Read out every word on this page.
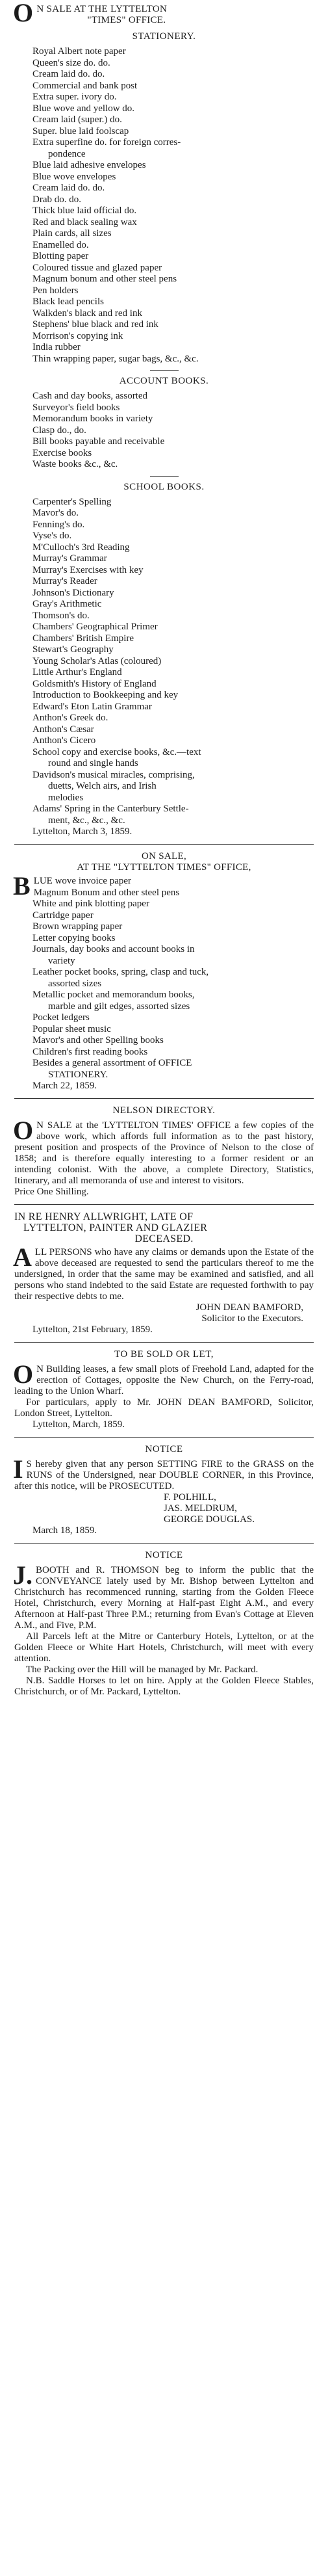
O N SALE AT THE LYTTELTON
"TIMES" OFFICE.
STATIONERY.
Royal Albert note paper
Queen's size do. do.
Cream laid do. do.
Commercial and bank post
Extra super. ivory do.
Blue wove and yellow do.
Cream laid (super.) do.
Super. blue laid foolscap
Extra superfine do. for foreign corres-
pondence
Blue laid adhesive envelopes
Blue wove envelopes
Cream laid do. do.
Drab do. do.
Thick blue laid official do.
Red and black sealing wax
Plain cards, all sizes
Enamelled do.
Blotting paper
Coloured tissue and glazed paper
Magnum bonum and other steel pens
Pen holders
Black lead pencils
Walkden's black and red ink
Stephens' blue black and red ink
Morrison's copying ink
India rubber
Thin wrapping paper, sugar bags, &c., &c.
ACCOUNT BOOKS.
Cash and day books, assorted
Surveyor's field books
Memorandum books in variety
Clasp do., do.
Bill books payable and receivable
Exercise books
Waste books &c., &c.
SCHOOL BOOKS.
Carpenter's Spelling
Mavor's do.
Fenning's do.
Vyse's do.
M'Culloch's 3rd Reading
Murray's Grammar
Murray's Exercises with key
Murray's Reader
Johnson's Dictionary
Gray's Arithmetic
Thomson's do.
Chambers' Geographical Primer
Chambers' British Empire
Stewart's Geography
Young Scholar's Atlas (coloured)
Little Arthur's England
Goldsmith's History of England
Introduction to Bookkeeping and key
Edward's Eton Latin Grammar
Anthon's Greek do.
Anthon's Cæsar
Anthon's Cicero
School copy and exercise books, &c.—text
round and single hands
Davidson's musical miracles, comprising,
duetts, Welch airs, and Irish
melodies
Adams' Spring in the Canterbury Settle-
ment, &c., &c., &c.
Lyttelton, March 3, 1859.
ON SALE,
AT THE "LYTTELTON TIMES" OFFICE,
B LUE wove invoice paper
Magnum Bonum and other steel pens
White and pink blotting paper
Cartridge paper
Brown wrapping paper
Letter copying books
Journals, day books and account books in
variety
Leather pocket books, spring, clasp and tuck,
assorted sizes
Metallic pocket and memorandum books,
marble and gilt edges, assorted sizes
Pocket ledgers
Popular sheet music
Mavor's and other Spelling books
Children's first reading books
Besides a general assortment of OFFICE
STATIONERY.
March 22, 1859.
NELSON DIRECTORY.
O N SALE at the 'LYTTELTON TIMES' OFFICE a few copies of the above work, which affords full information as to the past history, present position and prospects of the Province of Nelson to the close of 1858; and is therefore equally interesting to a former resident or an intending colonist. With the above, a complete Directory, Statistics, Itinerary, and all memoranda of use and interest to visitors.
Price One Shilling.
IN RE HENRY ALLWRIGHT, LATE OF
LYTTELTON, PAINTER AND GLAZIER
DECEASED.
ALL PERSONS who have any claims or demands upon the Estate of the above deceased are requested to send the particulars thereof to me the undersigned, in order that the same may be examined and satisfied, and all persons who stand indebted to the said Estate are requested forthwith to pay their respective debts to me.
JOHN DEAN BAMFORD,
Solicitor to the Executors.
Lyttelton, 21st February, 1859.
TO BE SOLD OR LET,
O N Building leases, a few small plots of Freehold Land, adapted for the erection of Cottages, opposite the New Church, on the Ferry-road, leading to the Union Wharf.
For particulars, apply to Mr. JOHN DEAN BAMFORD, Solicitor, London Street, Lyttelton.
Lyttelton, March, 1859.
NOTICE
I S hereby given that any person SETTING FIRE to the GRASS on the RUNS of the Undersigned, near DOUBLE CORNER, in this Province, after this notice, will be PROSECUTED.
F. POLHILL,
JAS. MELDRUM,
GEORGE DOUGLAS.
March 18, 1859.
NOTICE
J. BOOTH and R. THOMSON beg to inform the public that the CONVEYANCE lately used by Mr. Bishop between Lyttelton and Christchurch has recommenced running, starting from the Golden Fleece Hotel, Christchurch, every Morning at Half-past Eight A.M., and every Afternoon at Half-past Three P.M.; returning from Evan's Cottage at Eleven A.M., and Five, P.M.
All Parcels left at the Mitre or Canterbury Hotels, Lyttelton, or at the Golden Fleece or White Hart Hotels, Christchurch, will meet with every attention.
The Packing over the Hill will be managed by Mr. Packard.
N.B. Saddle Horses to let on hire. Apply at the Golden Fleece Stables, Christchurch, or of Mr. Packard, Lyttelton.
